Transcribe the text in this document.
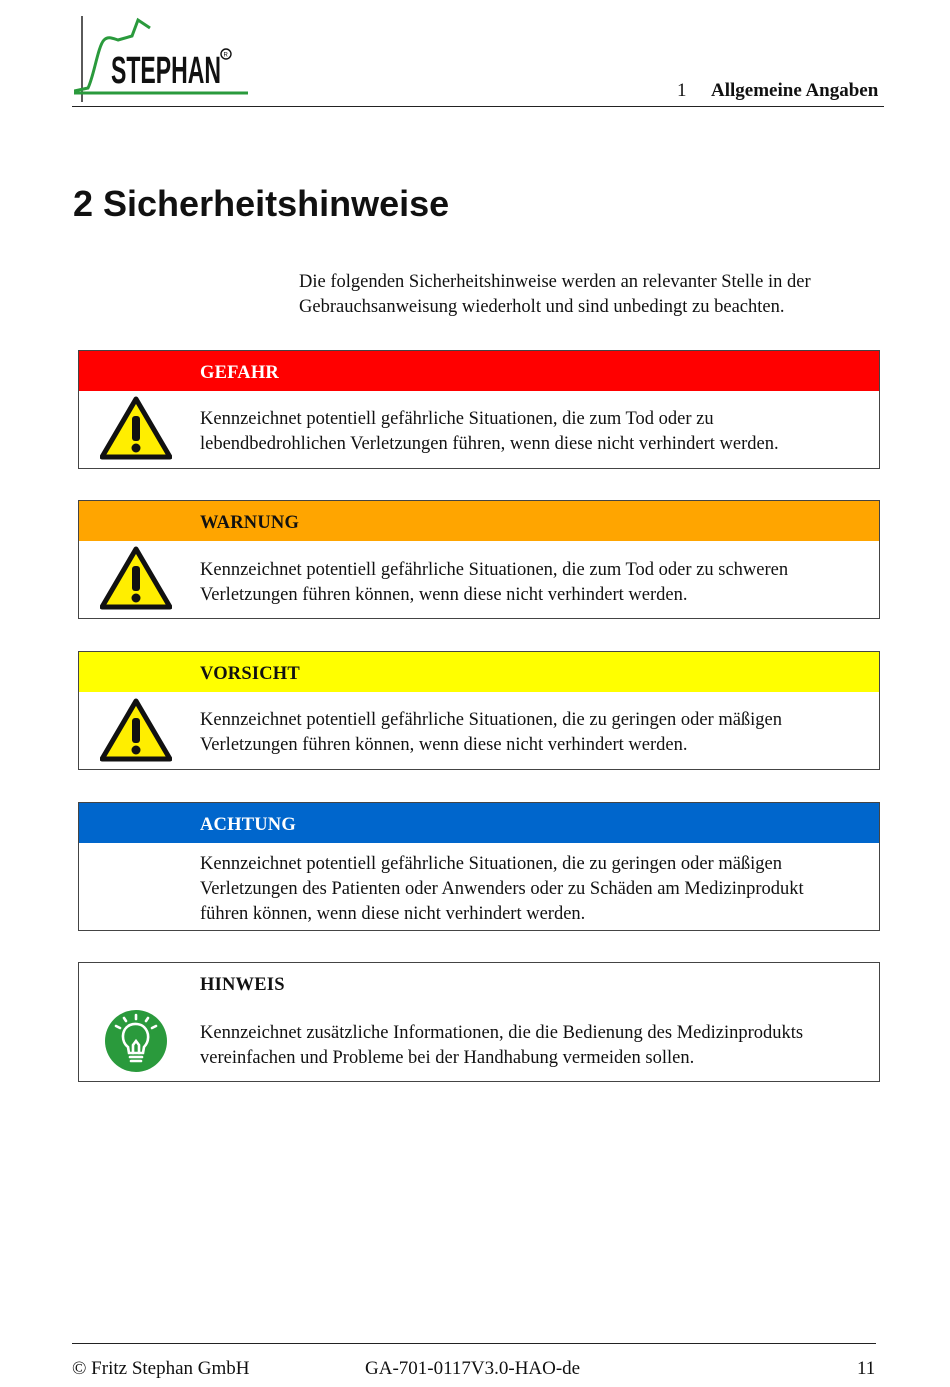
STEPHAN R
1 Allgemeine Angaben
2 Sicherheitshinweise
Die folgenden Sicherheitshinweise werden an relevanter Stelle in der Gebrauchsanweisung wiederholt und sind unbedingt zu beachten.
GEFAHR
Kennzeichnet potentiell gefährliche Situationen, die zum Tod oder zu
lebendbedrohlichen Verletzungen führen, wenn diese nicht verhindert werden.
WARNUNG
Kennzeichnet potentiell gefährliche Situationen, die zum Tod oder zu schweren
Verletzungen führen können, wenn diese nicht verhindert werden.
VORSICHT
Kennzeichnet potentiell gefährliche Situationen, die zu geringen oder mäßigen
Verletzungen führen können, wenn diese nicht verhindert werden.
ACHTUNG
Kennzeichnet potentiell gefährliche Situationen, die zu geringen oder mäßigen
Verletzungen des Patienten oder Anwenders oder zu Schäden am Medizinprodukt
führen können, wenn diese nicht verhindert werden.
HINWEIS
Kennzeichnet zusätzliche Informationen, die die Bedienung des Medizinprodukts
vereinfachen und Probleme bei der Handhabung vermeiden sollen.
© Fritz Stephan GmbH	GA-701-0117V3.0-HAO-de	11
